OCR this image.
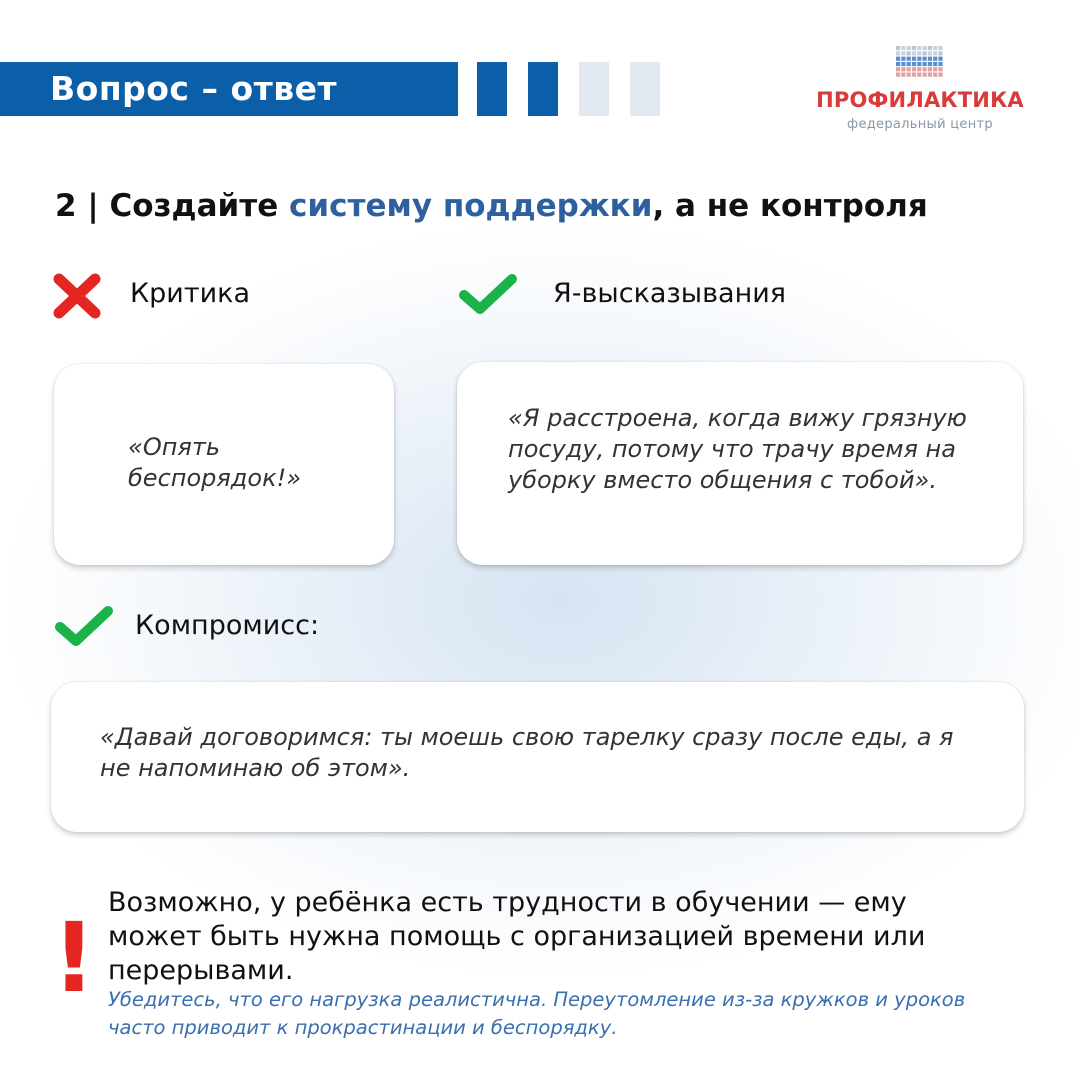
Вопрос – ответ	ПРОФИЛАКТИКА
федеральный центр
2 | Создайте систему поддержки, а не контроля
Критика	Я-высказывания
«Опять беспорядок!»
«Я расстроена, когда вижу грязную посуду, потому что трачу время на уборку вместо общения с тобой».
Компромисс:
«Давай договоримся: ты моешь свою тарелку сразу после еды, а я не напоминаю об этом».
! Возможно, у ребёнка есть трудности в обучении — ему может быть нужна помощь с организацией времени или перерывами.
Убедитесь, что его нагрузка реалистична. Переутомление из-за кружков и уроков часто приводит к прокрастинации и беспорядку.
